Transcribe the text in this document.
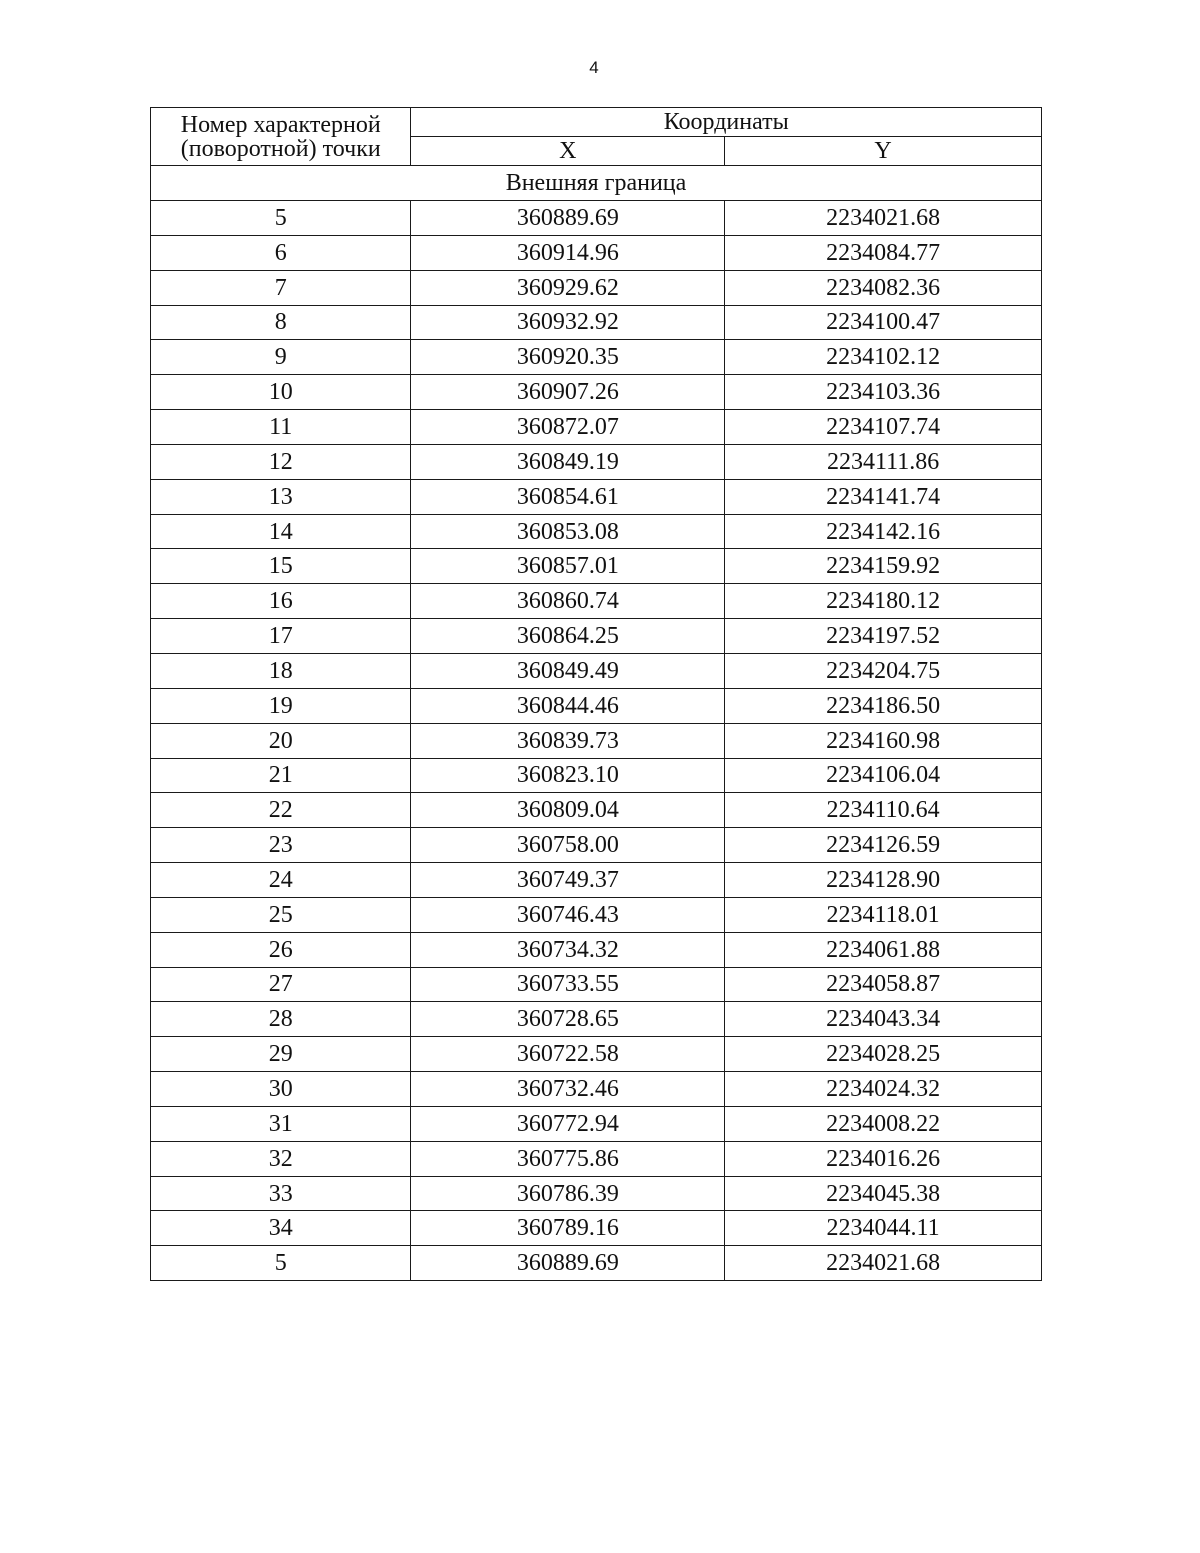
4
Номер характерной
(поворотной) точки	Координаты	
	X	Y
Внешняя граница		
5	360889.69	2234021.68
6	360914.96	2234084.77
7	360929.62	2234082.36
8	360932.92	2234100.47
9	360920.35	2234102.12
10	360907.26	2234103.36
11	360872.07	2234107.74
12	360849.19	2234111.86
13	360854.61	2234141.74
14	360853.08	2234142.16
15	360857.01	2234159.92
16	360860.74	2234180.12
17	360864.25	2234197.52
18	360849.49	2234204.75
19	360844.46	2234186.50
20	360839.73	2234160.98
21	360823.10	2234106.04
22	360809.04	2234110.64
23	360758.00	2234126.59
24	360749.37	2234128.90
25	360746.43	2234118.01
26	360734.32	2234061.88
27	360733.55	2234058.87
28	360728.65	2234043.34
29	360722.58	2234028.25
30	360732.46	2234024.32
31	360772.94	2234008.22
32	360775.86	2234016.26
33	360786.39	2234045.38
34	360789.16	2234044.11
5	360889.69	2234021.68
